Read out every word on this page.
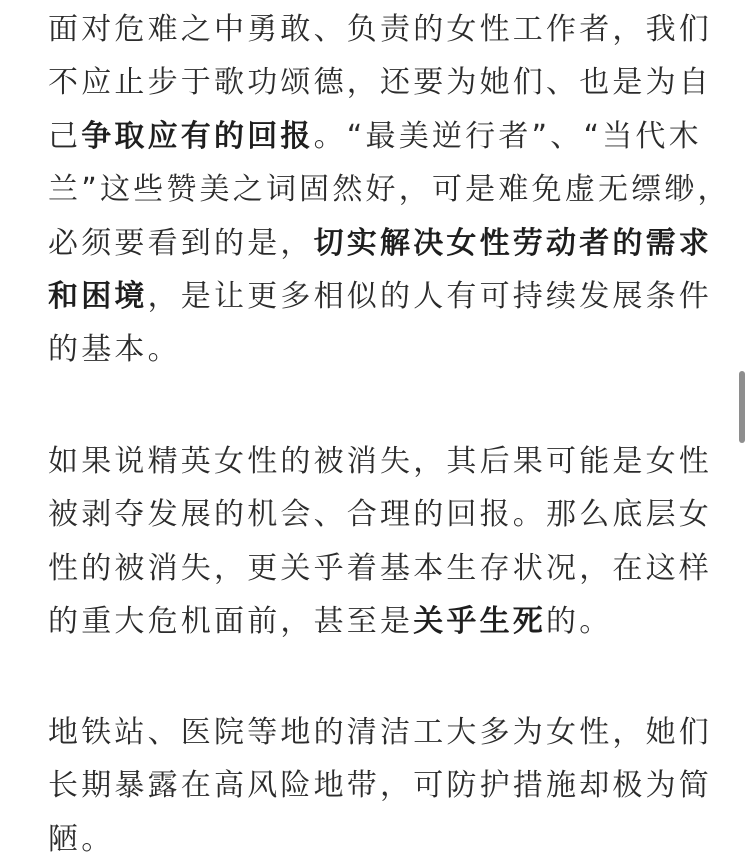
面对危难之中勇敢、负责的女性工作者，我们
不应止步于歌功颂德，还要为她们、也是为自
己争取应有的回报。“最美逆行者”、“当代木
兰”这些赞美之词固然好，可是难免虚无缥缈，
必须要看到的是，切实解决女性劳动者的需求
和困境，是让更多相似的人有可持续发展条件
的基本。

如果说精英女性的被消失，其后果可能是女性
被剥夺发展的机会、合理的回报。那么底层女
性的被消失，更关乎着基本生存状况，在这样
的重大危机面前，甚至是关乎生死的。

地铁站、医院等地的清洁工大多为女性，她们
长期暴露在高风险地带，可防护措施却极为简
陋。
